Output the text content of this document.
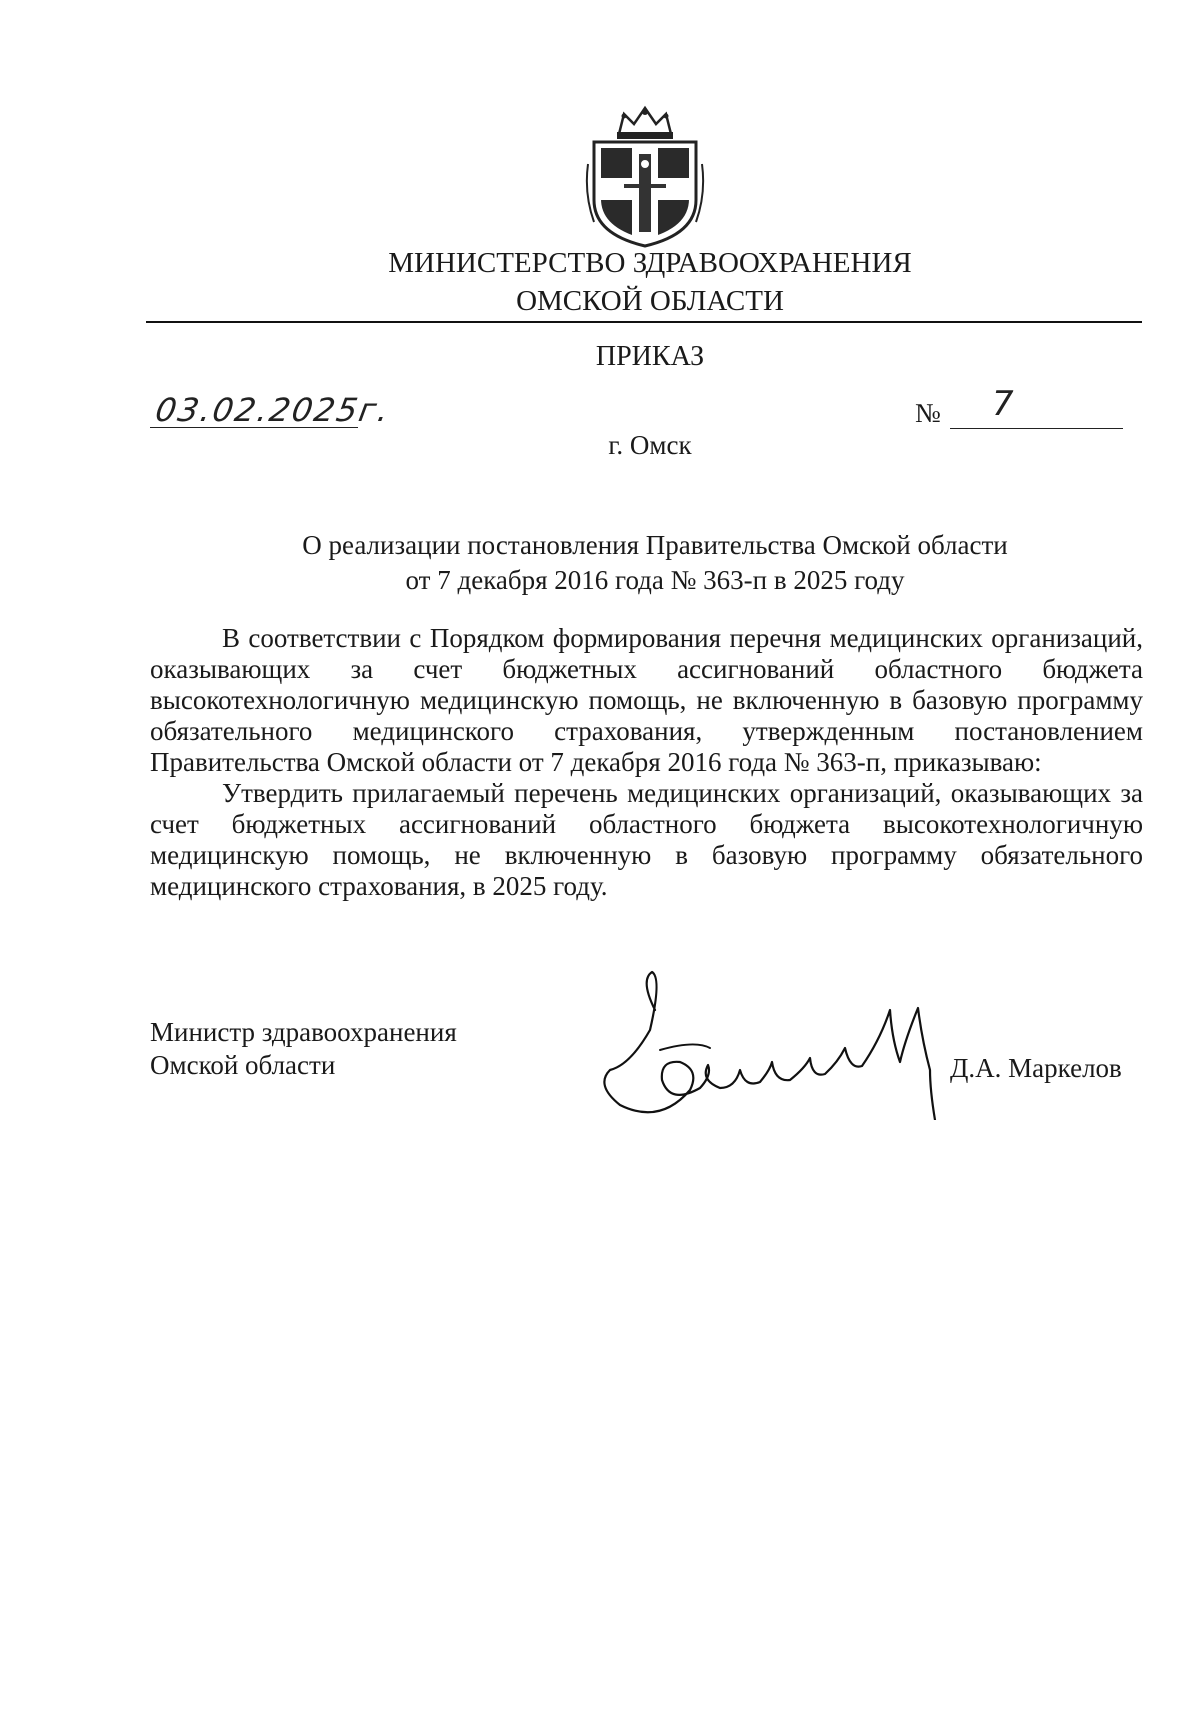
МИНИСТЕРСТВО ЗДРАВООХРАНЕНИЯ
ОМСКОЙ ОБЛАСТИ
ПРИКАЗ
03.02.2025г.	№ 7
г. Омск
О реализации постановления Правительства Омской области
от 7 декабря 2016 года № 363-п в 2025 году

В соответствии с Порядком формирования перечня медицинских организаций, оказывающих за счет бюджетных ассигнований областного бюджета высокотехнологичную медицинскую помощь, не включенную в базовую программу обязательного медицинского страхования, утвержденным постановлением Правительства Омской области от 7 декабря 2016 года № 363-п, приказываю:

Утвердить прилагаемый перечень медицинских организаций, оказывающих за счет бюджетных ассигнований областного бюджета высокотехнологичную медицинскую помощь, не включенную в базовую программу обязательного медицинского страхования, в 2025 году.

Министр здравоохранения
Омской области	Д.А. Маркелов
